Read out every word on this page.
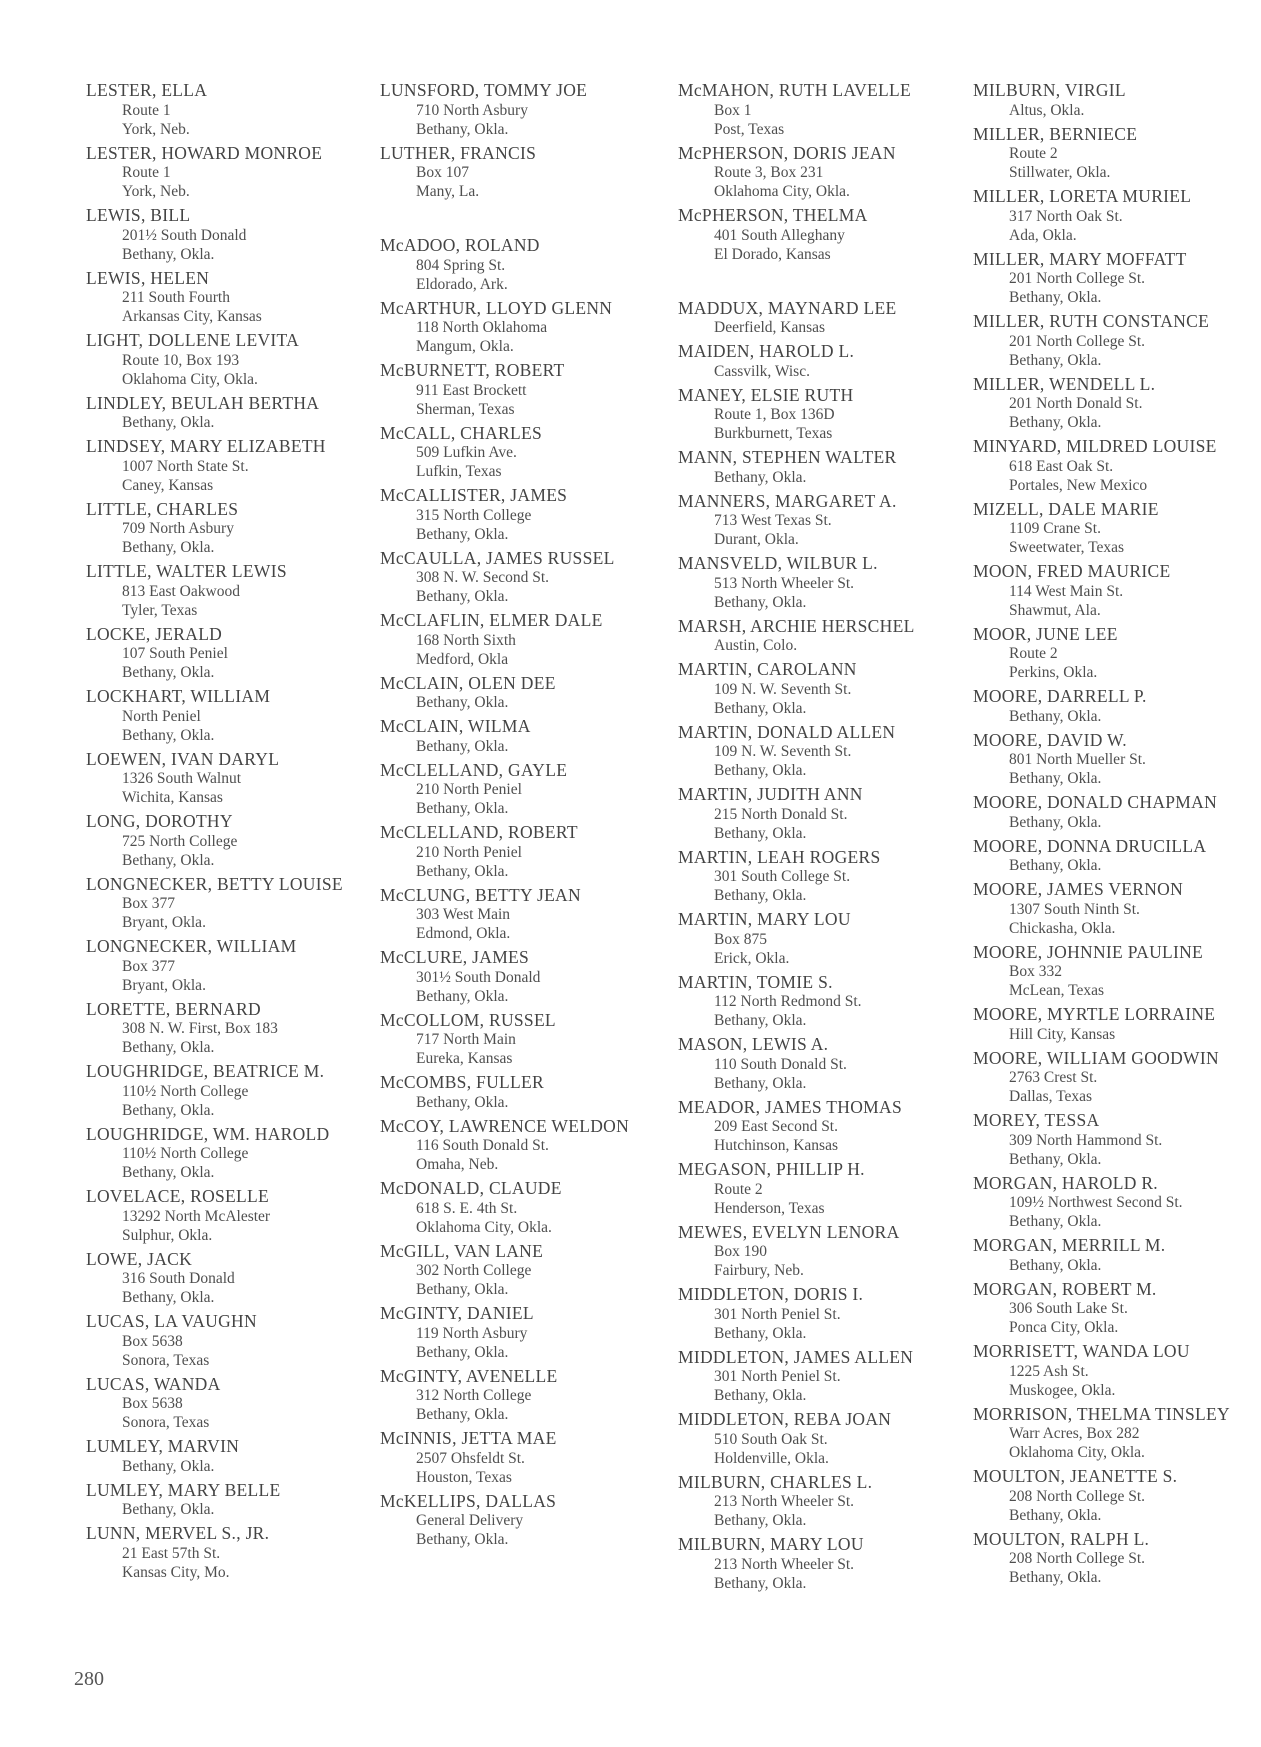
LESTER, ELLA
Route 1
York, Neb.
LESTER, HOWARD MONROE
Route 1
York, Neb.
LEWIS, BILL
201½ South Donald
Bethany, Okla.
LEWIS, HELEN
211 South Fourth
Arkansas City, Kansas
LIGHT, DOLLENE LEVITA
Route 10, Box 193
Oklahoma City, Okla.
LINDLEY, BEULAH BERTHA
Bethany, Okla.
LINDSEY, MARY ELIZABETH
1007 North State St.
Caney, Kansas
LITTLE, CHARLES
709 North Asbury
Bethany, Okla.
LITTLE, WALTER LEWIS
813 East Oakwood
Tyler, Texas
LOCKE, JERALD
107 South Peniel
Bethany, Okla.
LOCKHART, WILLIAM
North Peniel
Bethany, Okla.
LOEWEN, IVAN DARYL
1326 South Walnut
Wichita, Kansas
LONG, DOROTHY
725 North College
Bethany, Okla.
LONGNECKER, BETTY LOUISE
Box 377
Bryant, Okla.
LONGNECKER, WILLIAM
Box 377
Bryant, Okla.
LORETTE, BERNARD
308 N. W. First, Box 183
Bethany, Okla.
LOUGHRIDGE, BEATRICE M.
110½ North College
Bethany, Okla.
LOUGHRIDGE, WM. HAROLD
110½ North College
Bethany, Okla.
LOVELACE, ROSELLE
13292 North McAlester
Sulphur, Okla.
LOWE, JACK
316 South Donald
Bethany, Okla.
LUCAS, LA VAUGHN
Box 5638
Sonora, Texas
LUCAS, WANDA
Box 5638
Sonora, Texas
LUMLEY, MARVIN
Bethany, Okla.
LUMLEY, MARY BELLE
Bethany, Okla.
LUNN, MERVEL S., JR.
21 East 57th St.
Kansas City, Mo.
LUNSFORD, TOMMY JOE
710 North Asbury
Bethany, Okla.
LUTHER, FRANCIS
Box 107
Many, La.
McADOO, ROLAND
804 Spring St.
Eldorado, Ark.
McARTHUR, LLOYD GLENN
118 North Oklahoma
Mangum, Okla.
McBURNETT, ROBERT
911 East Brockett
Sherman, Texas
McCALL, CHARLES
509 Lufkin Ave.
Lufkin, Texas
McCALLISTER, JAMES
315 North College
Bethany, Okla.
McCAULLA, JAMES RUSSEL
308 N. W. Second St.
Bethany, Okla.
McCLAFLIN, ELMER DALE
168 North Sixth
Medford, Okla
McCLAIN, OLEN DEE
Bethany, Okla.
McCLAIN, WILMA
Bethany, Okla.
McCLELLAND, GAYLE
210 North Peniel
Bethany, Okla.
McCLELLAND, ROBERT
210 North Peniel
Bethany, Okla.
McCLUNG, BETTY JEAN
303 West Main
Edmond, Okla.
McCLURE, JAMES
301½ South Donald
Bethany, Okla.
McCOLLOM, RUSSEL
717 North Main
Eureka, Kansas
McCOMBS, FULLER
Bethany, Okla.
McCOY, LAWRENCE WELDON
116 South Donald St.
Omaha, Neb.
McDONALD, CLAUDE
618 S. E. 4th St.
Oklahoma City, Okla.
McGILL, VAN LANE
302 North College
Bethany, Okla.
McGINTY, DANIEL
119 North Asbury
Bethany, Okla.
McGINTY, AVENELLE
312 North College
Bethany, Okla.
McINNIS, JETTA MAE
2507 Ohsfeldt St.
Houston, Texas
McKELLIPS, DALLAS
General Delivery
Bethany, Okla.
McMAHON, RUTH LAVELLE
Box 1
Post, Texas
McPHERSON, DORIS JEAN
Route 3, Box 231
Oklahoma City, Okla.
McPHERSON, THELMA
401 South Alleghany
El Dorado, Kansas
MADDUX, MAYNARD LEE
Deerfield, Kansas
MAIDEN, HAROLD L.
Cassvilk, Wisc.
MANEY, ELSIE RUTH
Route 1, Box 136D
Burkburnett, Texas
MANN, STEPHEN WALTER
Bethany, Okla.
MANNERS, MARGARET A.
713 West Texas St.
Durant, Okla.
MANSVELD, WILBUR L.
513 North Wheeler St.
Bethany, Okla.
MARSH, ARCHIE HERSCHEL
Austin, Colo.
MARTIN, CAROLANN
109 N. W. Seventh St.
Bethany, Okla.
MARTIN, DONALD ALLEN
109 N. W. Seventh St.
Bethany, Okla.
MARTIN, JUDITH ANN
215 North Donald St.
Bethany, Okla.
MARTIN, LEAH ROGERS
301 South College St.
Bethany, Okla.
MARTIN, MARY LOU
Box 875
Erick, Okla.
MARTIN, TOMIE S.
112 North Redmond St.
Bethany, Okla.
MASON, LEWIS A.
110 South Donald St.
Bethany, Okla.
MEADOR, JAMES THOMAS
209 East Second St.
Hutchinson, Kansas
MEGASON, PHILLIP H.
Route 2
Henderson, Texas
MEWES, EVELYN LENORA
Box 190
Fairbury, Neb.
MIDDLETON, DORIS I.
301 North Peniel St.
Bethany, Okla.
MIDDLETON, JAMES ALLEN
301 North Peniel St.
Bethany, Okla.
MIDDLETON, REBA JOAN
510 South Oak St.
Holdenville, Okla.
MILBURN, CHARLES L.
213 North Wheeler St.
Bethany, Okla.
MILBURN, MARY LOU
213 North Wheeler St.
Bethany, Okla.
MILBURN, VIRGIL
Altus, Okla.
MILLER, BERNIECE
Route 2
Stillwater, Okla.
MILLER, LORETA MURIEL
317 North Oak St.
Ada, Okla.
MILLER, MARY MOFFATT
201 North College St.
Bethany, Okla.
MILLER, RUTH CONSTANCE
201 North College St.
Bethany, Okla.
MILLER, WENDELL L.
201 North Donald St.
Bethany, Okla.
MINYARD, MILDRED LOUISE
618 East Oak St.
Portales, New Mexico
MIZELL, DALE MARIE
1109 Crane St.
Sweetwater, Texas
MOON, FRED MAURICE
114 West Main St.
Shawmut, Ala.
MOOR, JUNE LEE
Route 2
Perkins, Okla.
MOORE, DARRELL P.
Bethany, Okla.
MOORE, DAVID W.
801 North Mueller St.
Bethany, Okla.
MOORE, DONALD CHAPMAN
Bethany, Okla.
MOORE, DONNA DRUCILLA
Bethany, Okla.
MOORE, JAMES VERNON
1307 South Ninth St.
Chickasha, Okla.
MOORE, JOHNNIE PAULINE
Box 332
McLean, Texas
MOORE, MYRTLE LORRAINE
Hill City, Kansas
MOORE, WILLIAM GOODWIN
2763 Crest St.
Dallas, Texas
MOREY, TESSA
309 North Hammond St.
Bethany, Okla.
MORGAN, HAROLD R.
109½ Northwest Second St.
Bethany, Okla.
MORGAN, MERRILL M.
Bethany, Okla.
MORGAN, ROBERT M.
306 South Lake St.
Ponca City, Okla.
MORRISETT, WANDA LOU
1225 Ash St.
Muskogee, Okla.
MORRISON, THELMA TINSLEY
Warr Acres, Box 282
Oklahoma City, Okla.
MOULTON, JEANETTE S.
208 North College St.
Bethany, Okla.
MOULTON, RALPH L.
208 North College St.
Bethany, Okla.
280
